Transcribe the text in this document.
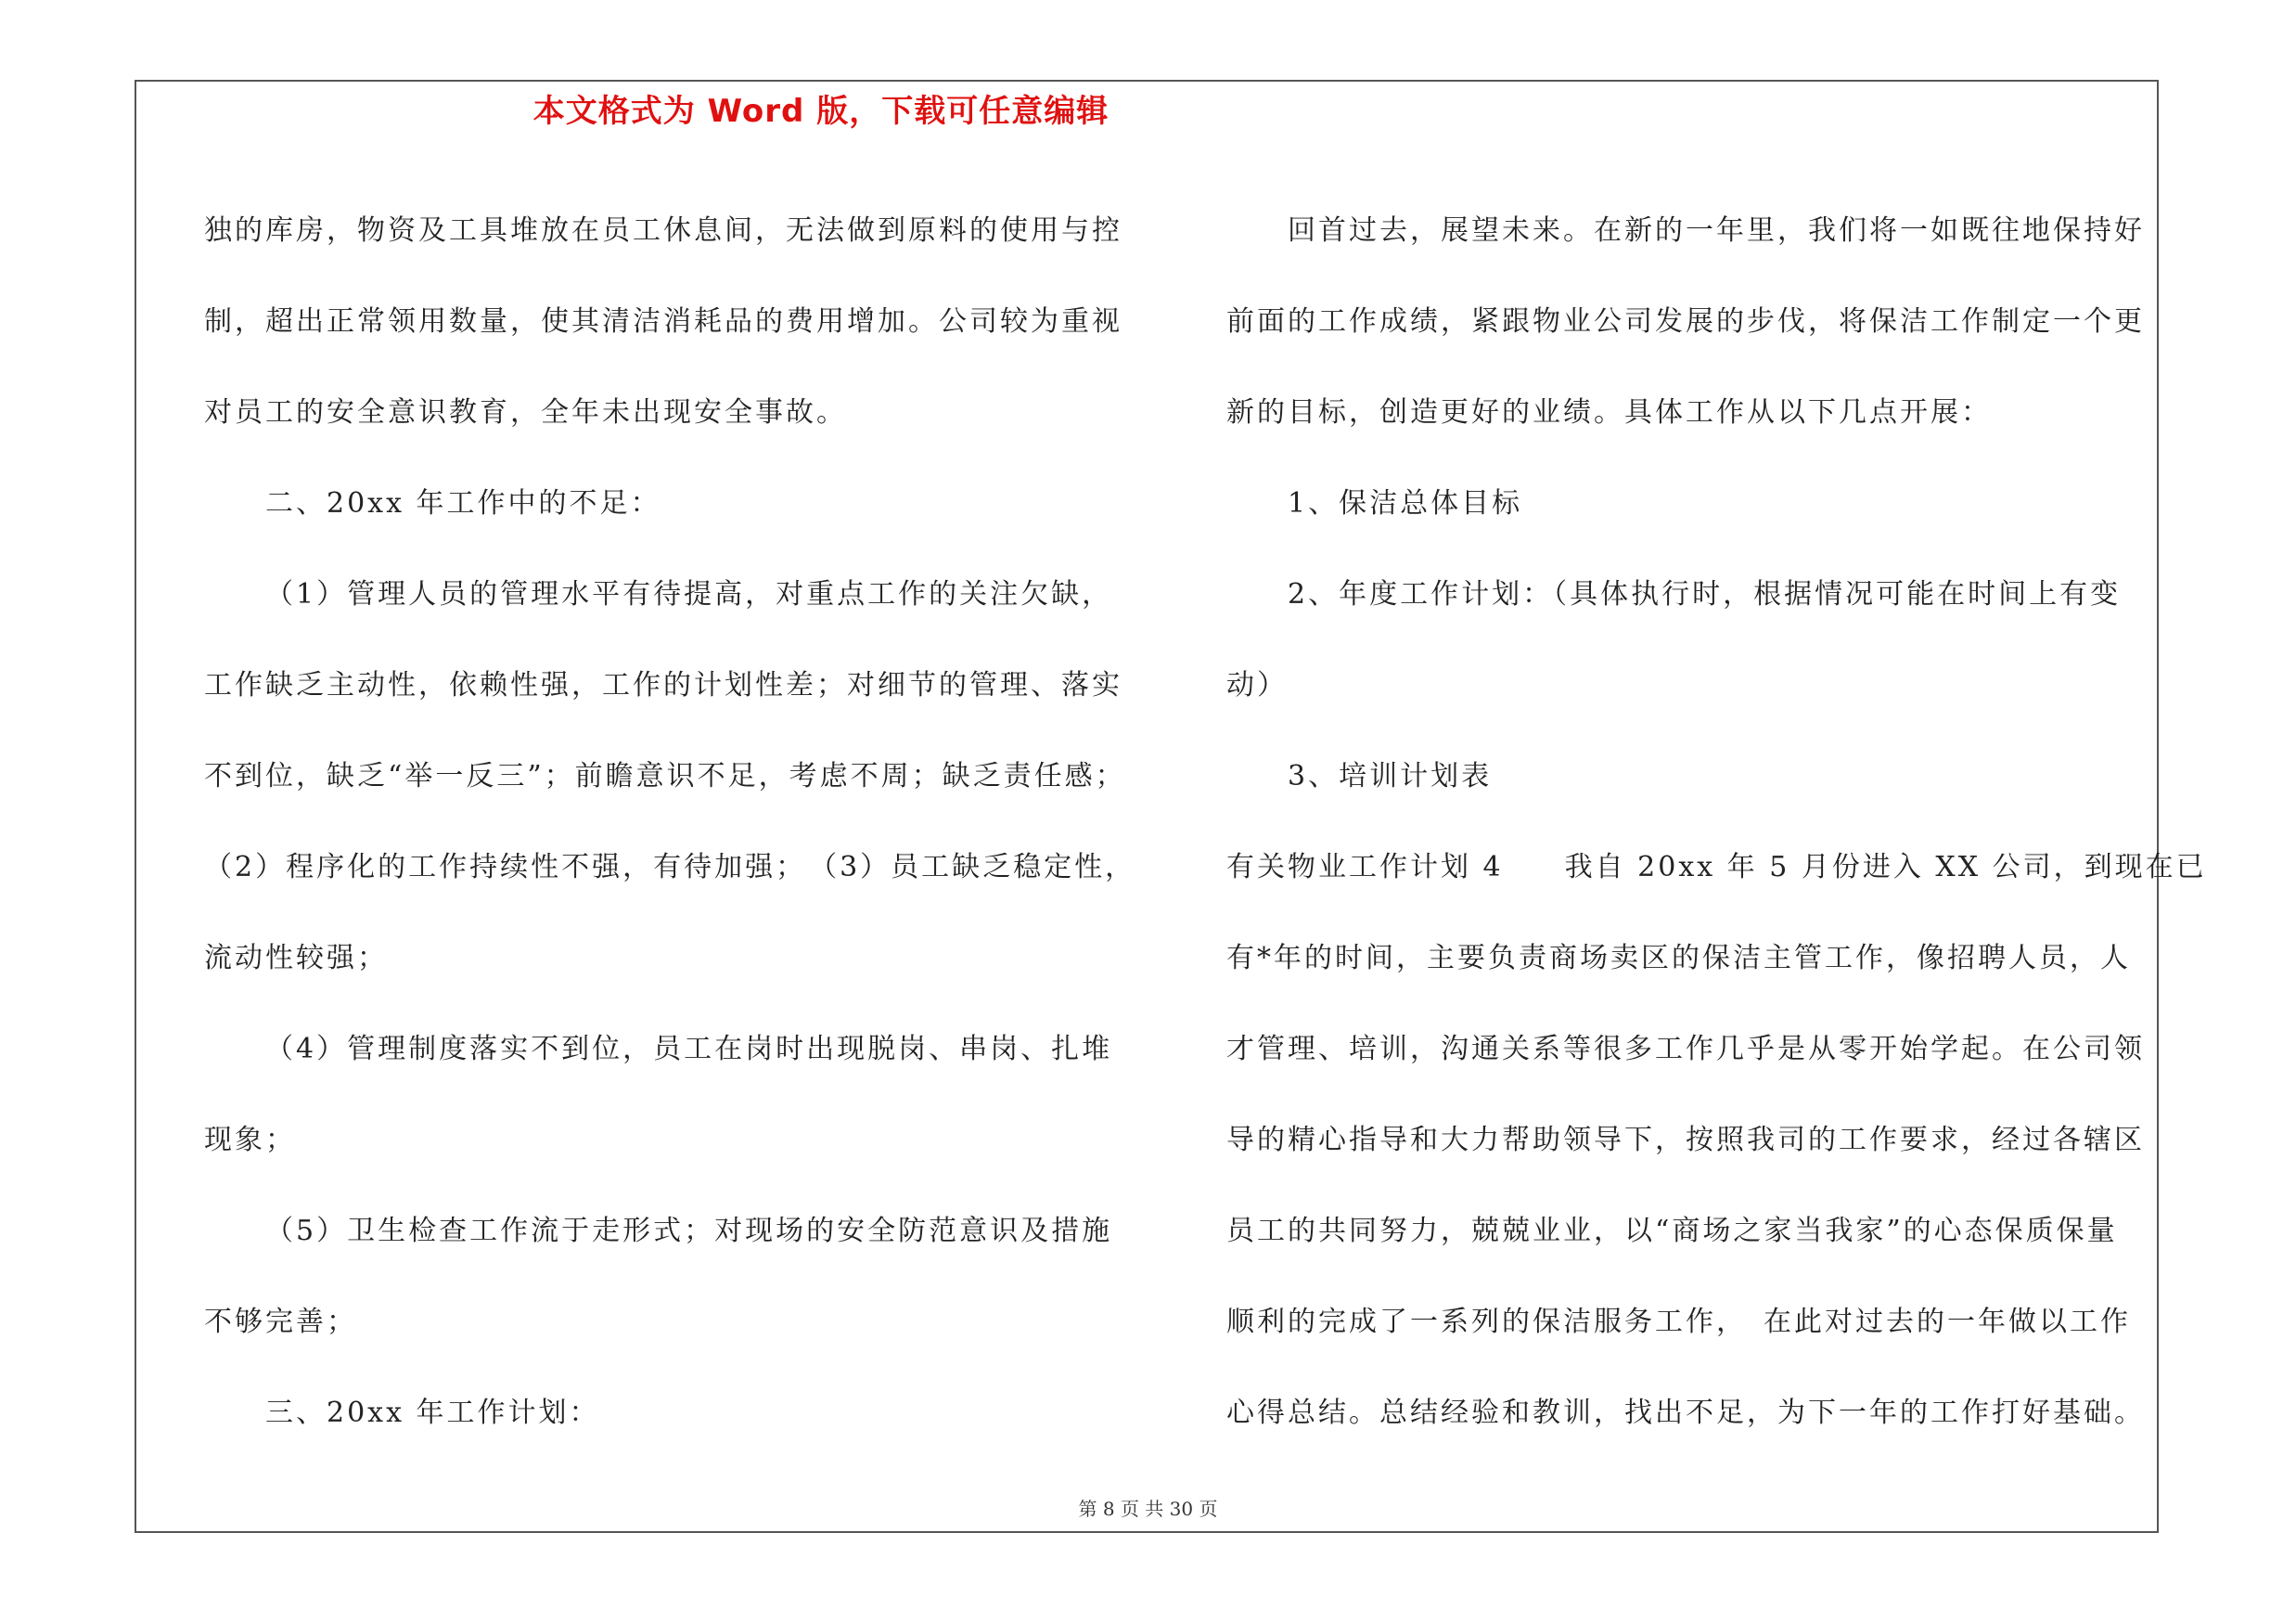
本文格式为 Word 版，下载可任意编辑
独的库房，物资及工具堆放在员工休息间，无法做到原料的使用与控
制，超出正常领用数量，使其清洁消耗品的费用增加。公司较为重视
对员工的安全意识教育，全年未出现安全事故。
二、20xx 年工作中的不足：
（1）管理人员的管理水平有待提高，对重点工作的关注欠缺，
工作缺乏主动性，依赖性强，工作的计划性差；对细节的管理、落实
不到位，缺乏“举一反三”；前瞻意识不足，考虑不周；缺乏责任感；
（2）程序化的工作持续性不强，有待加强；　（3）员工缺乏稳定性，
流动性较强；
（4）管理制度落实不到位，员工在岗时出现脱岗、串岗、扎堆
现象；
（5）卫生检查工作流于走形式；对现场的安全防范意识及措施
不够完善；
三、20xx 年工作计划：
回首过去，展望未来。在新的一年里，我们将一如既往地保持好
前面的工作成绩，紧跟物业公司发展的步伐，将保洁工作制定一个更
新的目标，创造更好的业绩。具体工作从以下几点开展：
1、保洁总体目标
2、年度工作计划：（具体执行时，根据情况可能在时间上有变
动）
3、培训计划表
有关物业工作计划 4　　我自 20xx 年 5 月份进入 XX 公司，到现在已
有*年的时间，主要负责商场卖区的保洁主管工作，像招聘人员，人
才管理、培训，沟通关系等很多工作几乎是从零开始学起。在公司领
导的精心指导和大力帮助领导下，按照我司的工作要求，经过各辖区
员工的共同努力，兢兢业业，以“商场之家当我家”的心态保质保量
顺利的完成了一系列的保洁服务工作，　在此对过去的一年做以工作
心得总结。总结经验和教训，找出不足，为下一年的工作打好基础。
第 8 页 共 30 页
